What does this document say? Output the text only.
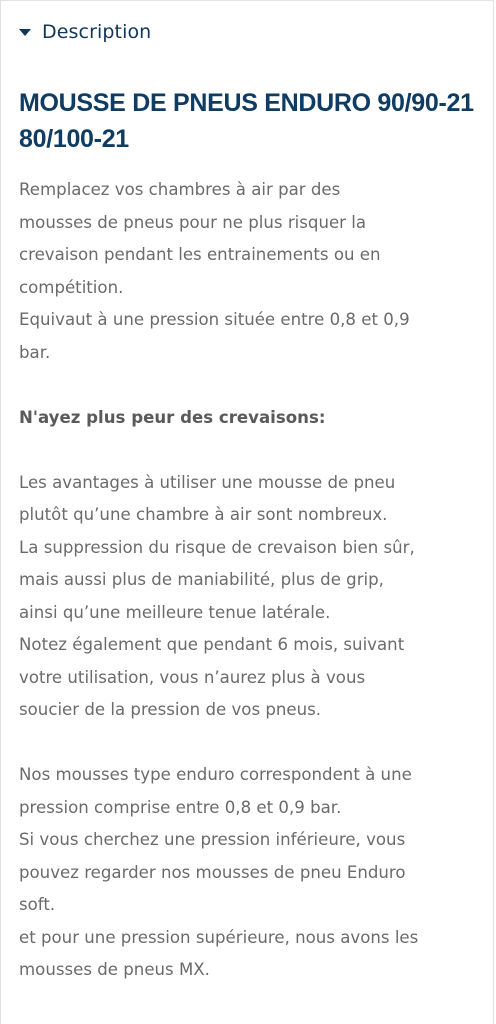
Description
MOUSSE DE PNEUS ENDURO 90/90-21
80/100-21
Remplacez vos chambres à air par des
mousses de pneus pour ne plus risquer la
crevaison pendant les entrainements ou en
compétition.
Equivaut à une pression située entre 0,8 et 0,9
bar.
N'ayez plus peur des crevaisons:
Les avantages à utiliser une mousse de pneu
plutôt qu’une chambre à air sont nombreux.
La suppression du risque de crevaison bien sûr,
mais aussi plus de maniabilité, plus de grip,
ainsi qu’une meilleure tenue latérale.
Notez également que pendant 6 mois, suivant
votre utilisation, vous n’aurez plus à vous
soucier de la pression de vos pneus.
Nos mousses type enduro correspondent à une
pression comprise entre 0,8 et 0,9 bar.
Si vous cherchez une pression inférieure, vous
pouvez regarder nos mousses de pneu Enduro
soft.
et pour une pression supérieure, nous avons les
mousses de pneus MX.
